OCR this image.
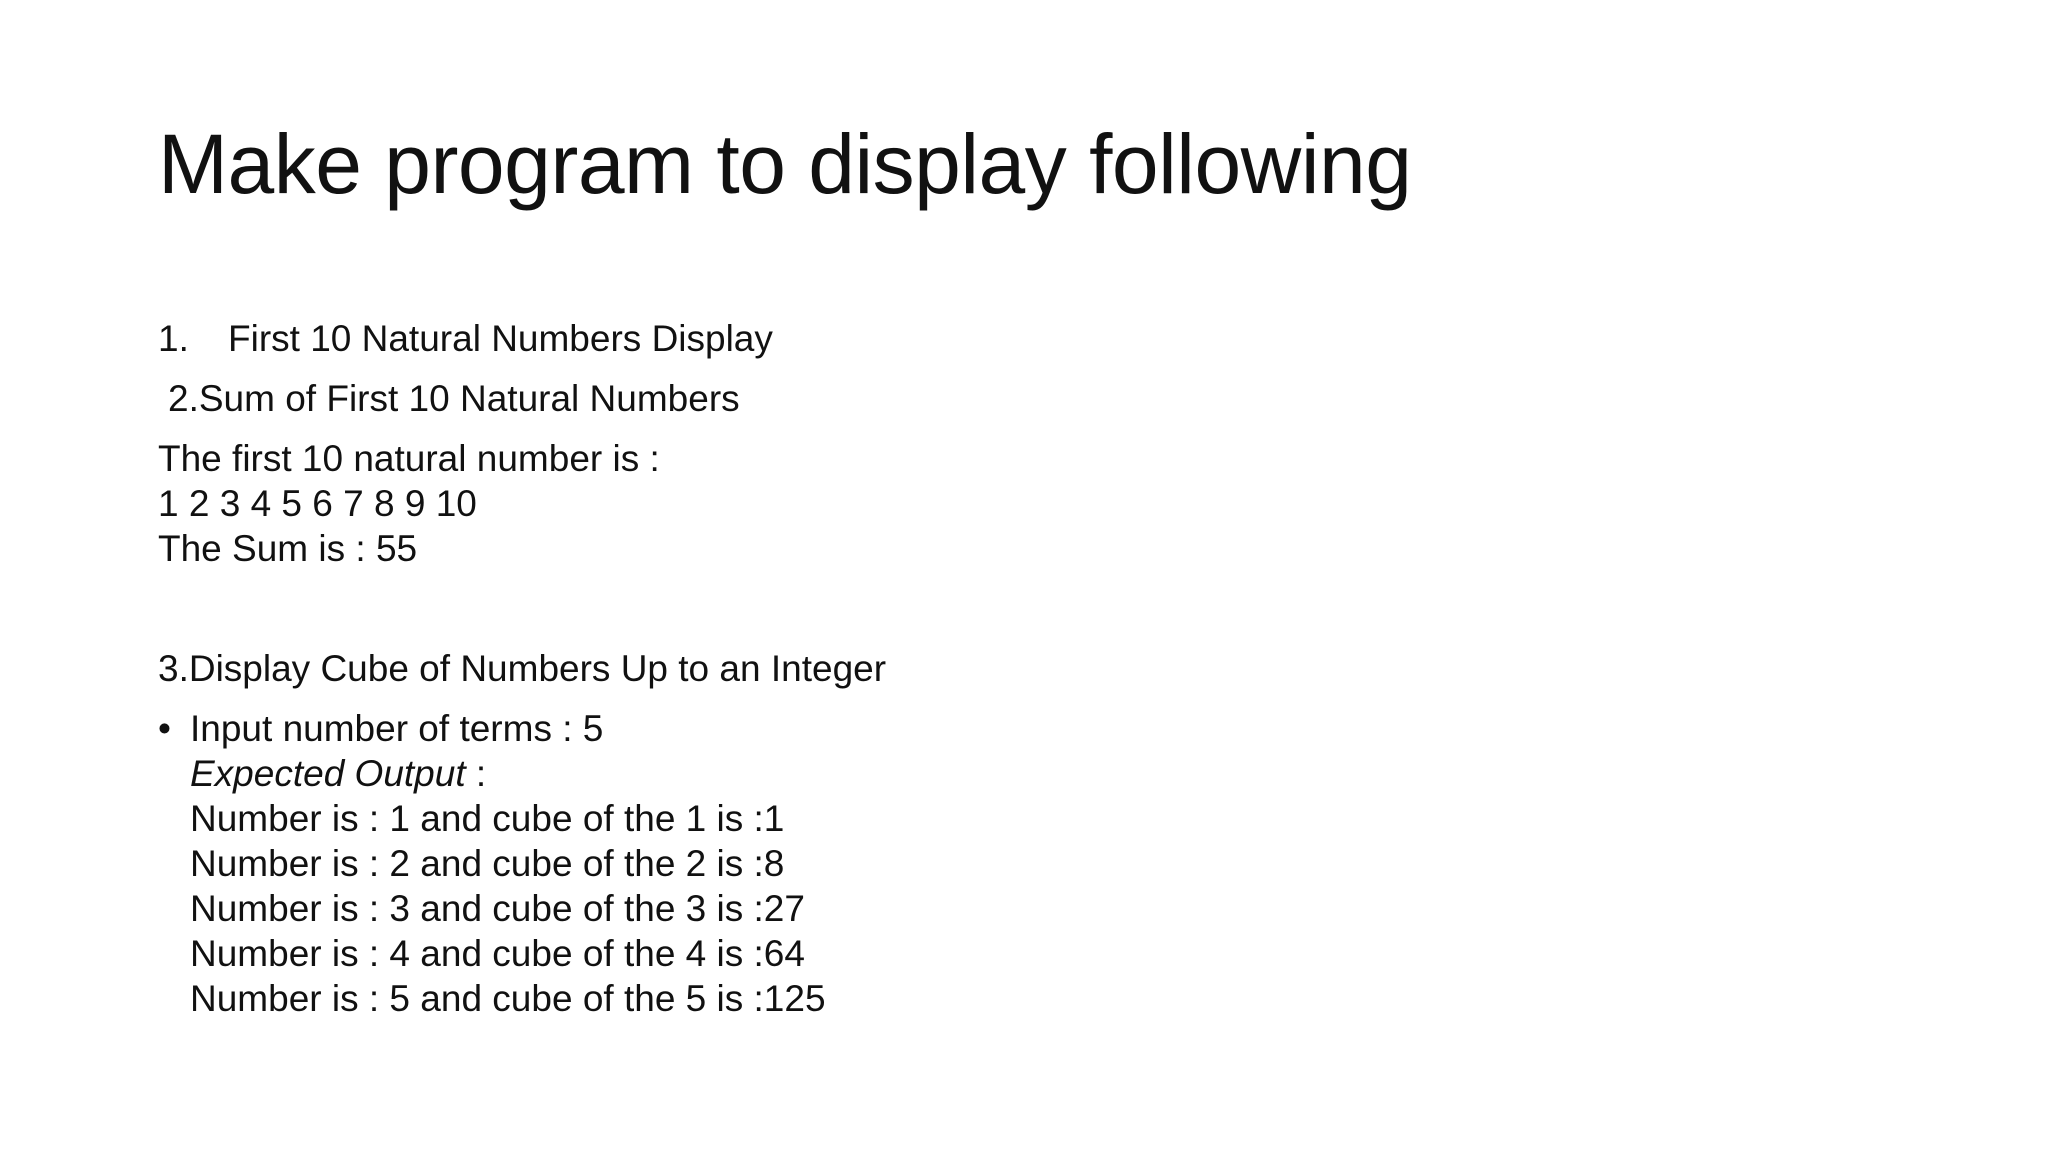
Make program to display following
1. First 10 Natural Numbers Display
2.Sum of First 10 Natural Numbers
The first 10 natural number is :
1 2 3 4 5 6 7 8 9 10
The Sum is : 55
3.Display Cube of Numbers Up to an Integer
• Input number of terms : 5
Expected Output :
Number is : 1 and cube of the 1 is :1
Number is : 2 and cube of the 2 is :8
Number is : 3 and cube of the 3 is :27
Number is : 4 and cube of the 4 is :64
Number is : 5 and cube of the 5 is :125
